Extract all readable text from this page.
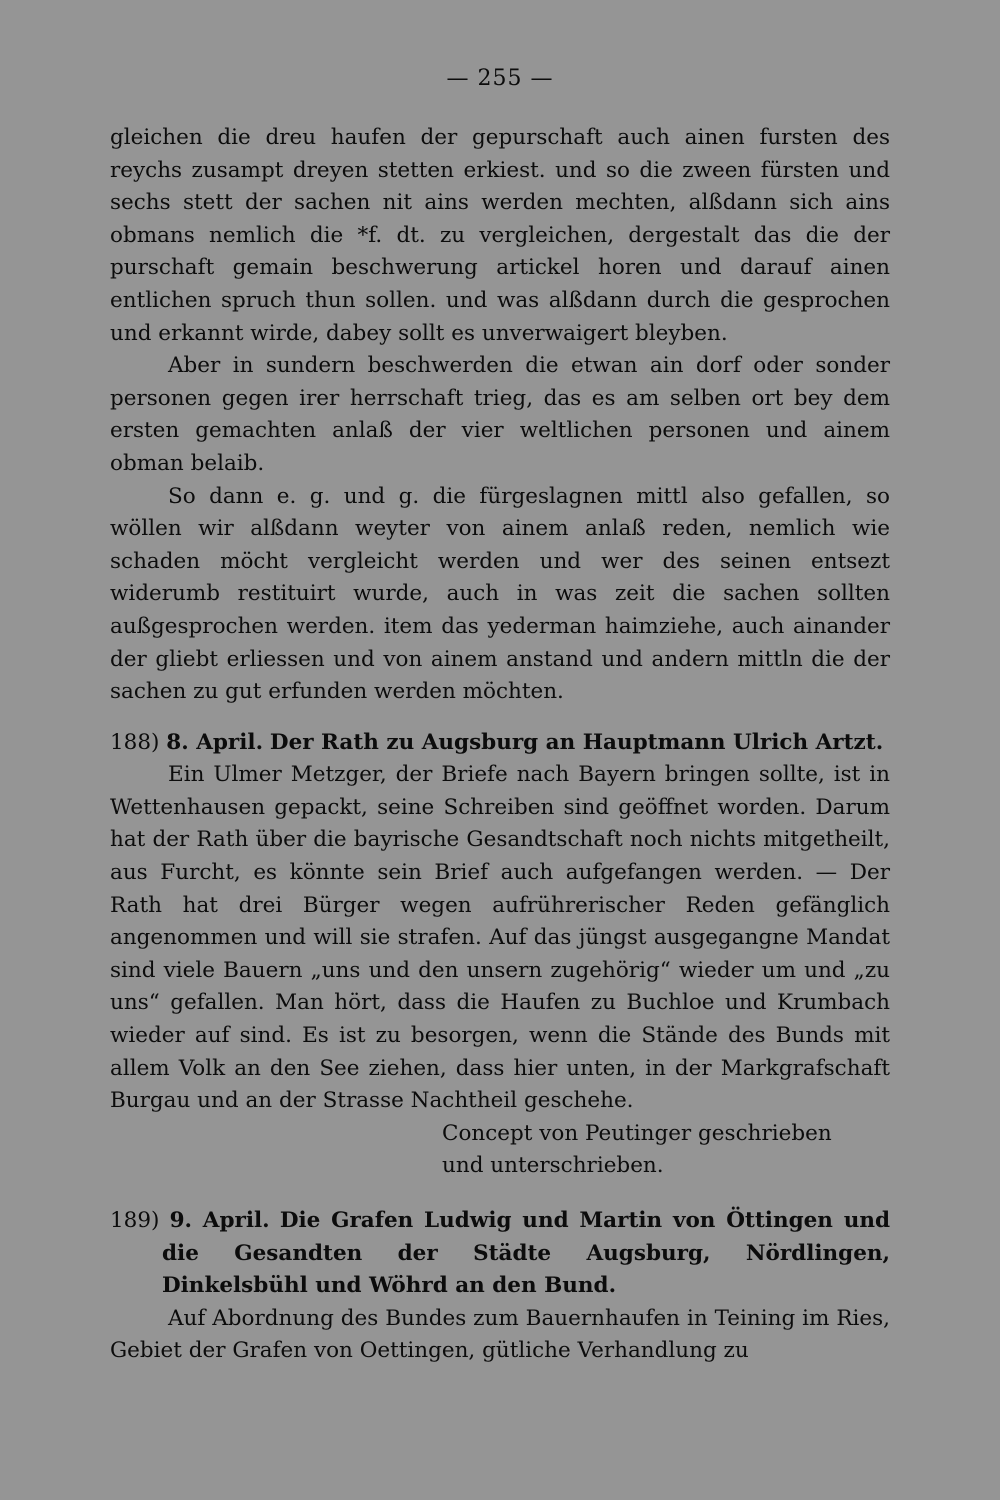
— 255 —

gleichen die dreu haufen der gepurschaft auch ainen fursten des reychs zusampt dreyen stetten erkiest. und so die zween fürsten und sechs stett der sachen nit ains werden mechten, alßdann sich ains obmans nemlich die *f. dt. zu vergleichen, dergestalt das die der purschaft gemain beschwerung artickel horen und darauf ainen entlichen spruch thun sollen. und was alßdann durch die gesprochen und erkannt wirde, dabey sollt es unverwaigert bleyben.

Aber in sundern beschwerden die etwan ain dorf oder sonder personen gegen irer herrschaft trieg, das es am selben ort bey dem ersten gemachten anlaß der vier weltlichen personen und ainem obman belaib.

So dann e. g. und g. die fürgeslagnen mittl also gefallen, so wöllen wir alßdann weyter von ainem anlaß reden, nemlich wie schaden möcht vergleicht werden und wer des seinen entsezt widerumb restituirt wurde, auch in was zeit die sachen sollten außgesprochen werden. item das yederman haimziehe, auch ainander der gliebt erliessen und von ainem anstand und andern mittln die der sachen zu gut erfunden werden möchten.

188) 8. April. Der Rath zu Augsburg an Hauptmann Ulrich Artzt.

Ein Ulmer Metzger, der Briefe nach Bayern bringen sollte, ist in Wettenhausen gepackt, seine Schreiben sind geöffnet worden. Darum hat der Rath über die bayrische Gesandtschaft noch nichts mitgetheilt, aus Furcht, es könnte sein Brief auch aufgefangen werden. — Der Rath hat drei Bürger wegen aufrührerischer Reden gefänglich angenommen und will sie strafen. Auf das jüngst ausgegangne Mandat sind viele Bauern „uns und den unsern zugehörig“ wieder um und „zu uns“ gefallen. Man hört, dass die Haufen zu Buchloe und Krumbach wieder auf sind. Es ist zu besorgen, wenn die Stände des Bunds mit allem Volk an den See ziehen, dass hier unten, in der Markgrafschaft Burgau und an der Strasse Nachtheil geschehe.

Concept von Peutinger geschrieben
und unterschrieben.
189) 9. April. Die Grafen Ludwig und Martin von Öttingen und die Gesandten der Städte Augsburg, Nördlingen, Dinkelsbühl und Wöhrd an den Bund.

Auf Abordnung des Bundes zum Bauernhaufen in Teining im Ries, Gebiet der Grafen von Oettingen, gütliche Verhandlung zu
